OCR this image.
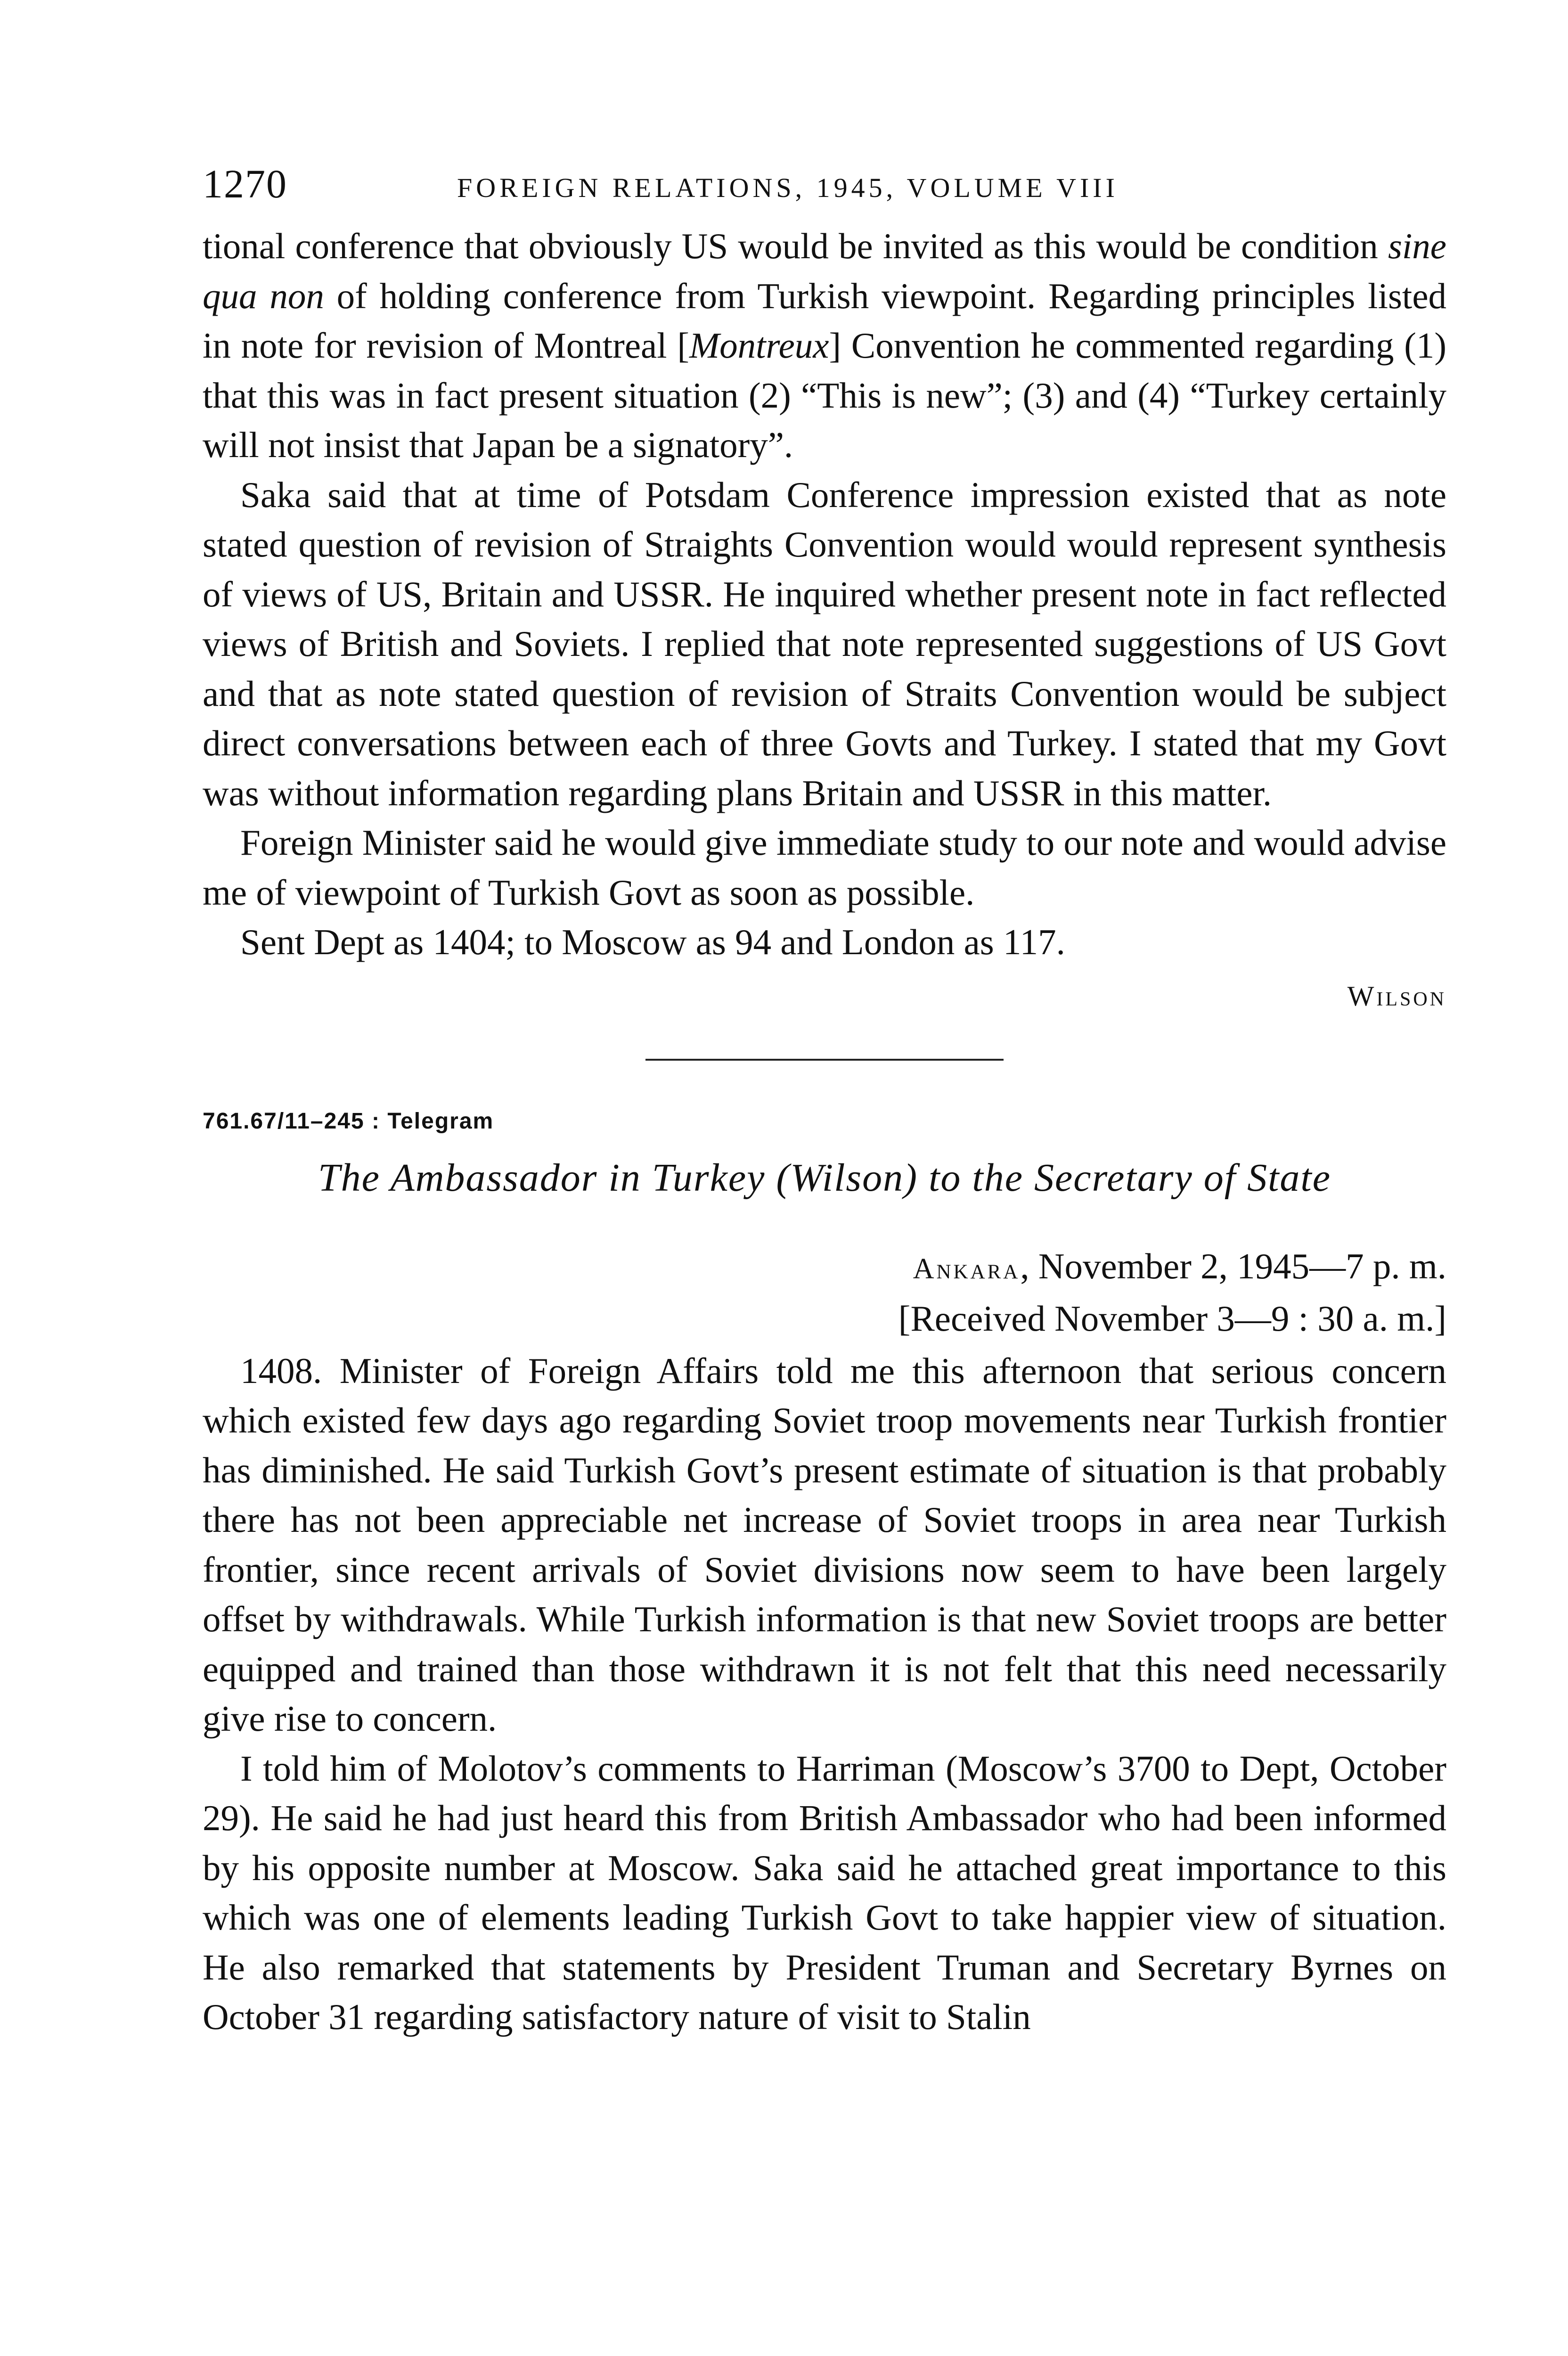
1270	FOREIGN RELATIONS, 1945, VOLUME VIII

tional conference that obviously US would be invited as this would be condition sine qua non of holding conference from Turkish viewpoint. Regarding principles listed in note for revision of Montreal [Montreux] Convention he commented regarding (1) that this was in fact present situation (2) “This is new”; (3) and (4) “Turkey certainly will not insist that Japan be a signatory”.

Saka said that at time of Potsdam Conference impression existed that as note stated question of revision of Straights Convention would would represent synthesis of views of US, Britain and USSR. He inquired whether present note in fact reflected views of British and Soviets. I replied that note represented suggestions of US Govt and that as note stated question of revision of Straits Convention would be subject direct conversations between each of three Govts and Turkey. I stated that my Govt was without information regarding plans Britain and USSR in this matter.

Foreign Minister said he would give immediate study to our note and would advise me of viewpoint of Turkish Govt as soon as possible.

Sent Dept as 1404; to Moscow as 94 and London as 117.

Wilson
761.67/11–245 : Telegram
The Ambassador in Turkey (Wilson) to the Secretary of State
Ankara, November 2, 1945—7 p. m.
[Received November 3—9 : 30 a. m.]

1408. Minister of Foreign Affairs told me this afternoon that serious concern which existed few days ago regarding Soviet troop movements near Turkish frontier has diminished. He said Turkish Govt’s present estimate of situation is that probably there has not been appreciable net increase of Soviet troops in area near Turkish frontier, since recent arrivals of Soviet divisions now seem to have been largely offset by withdrawals. While Turkish information is that new Soviet troops are better equipped and trained than those withdrawn it is not felt that this need necessarily give rise to concern.

I told him of Molotov’s comments to Harriman (Moscow’s 3700 to Dept, October 29). He said he had just heard this from British Ambassador who had been informed by his opposite number at Moscow. Saka said he attached great importance to this which was one of elements leading Turkish Govt to take happier view of situation. He also remarked that statements by President Truman and Secretary Byrnes on October 31 regarding satisfactory nature of visit to Stalin
